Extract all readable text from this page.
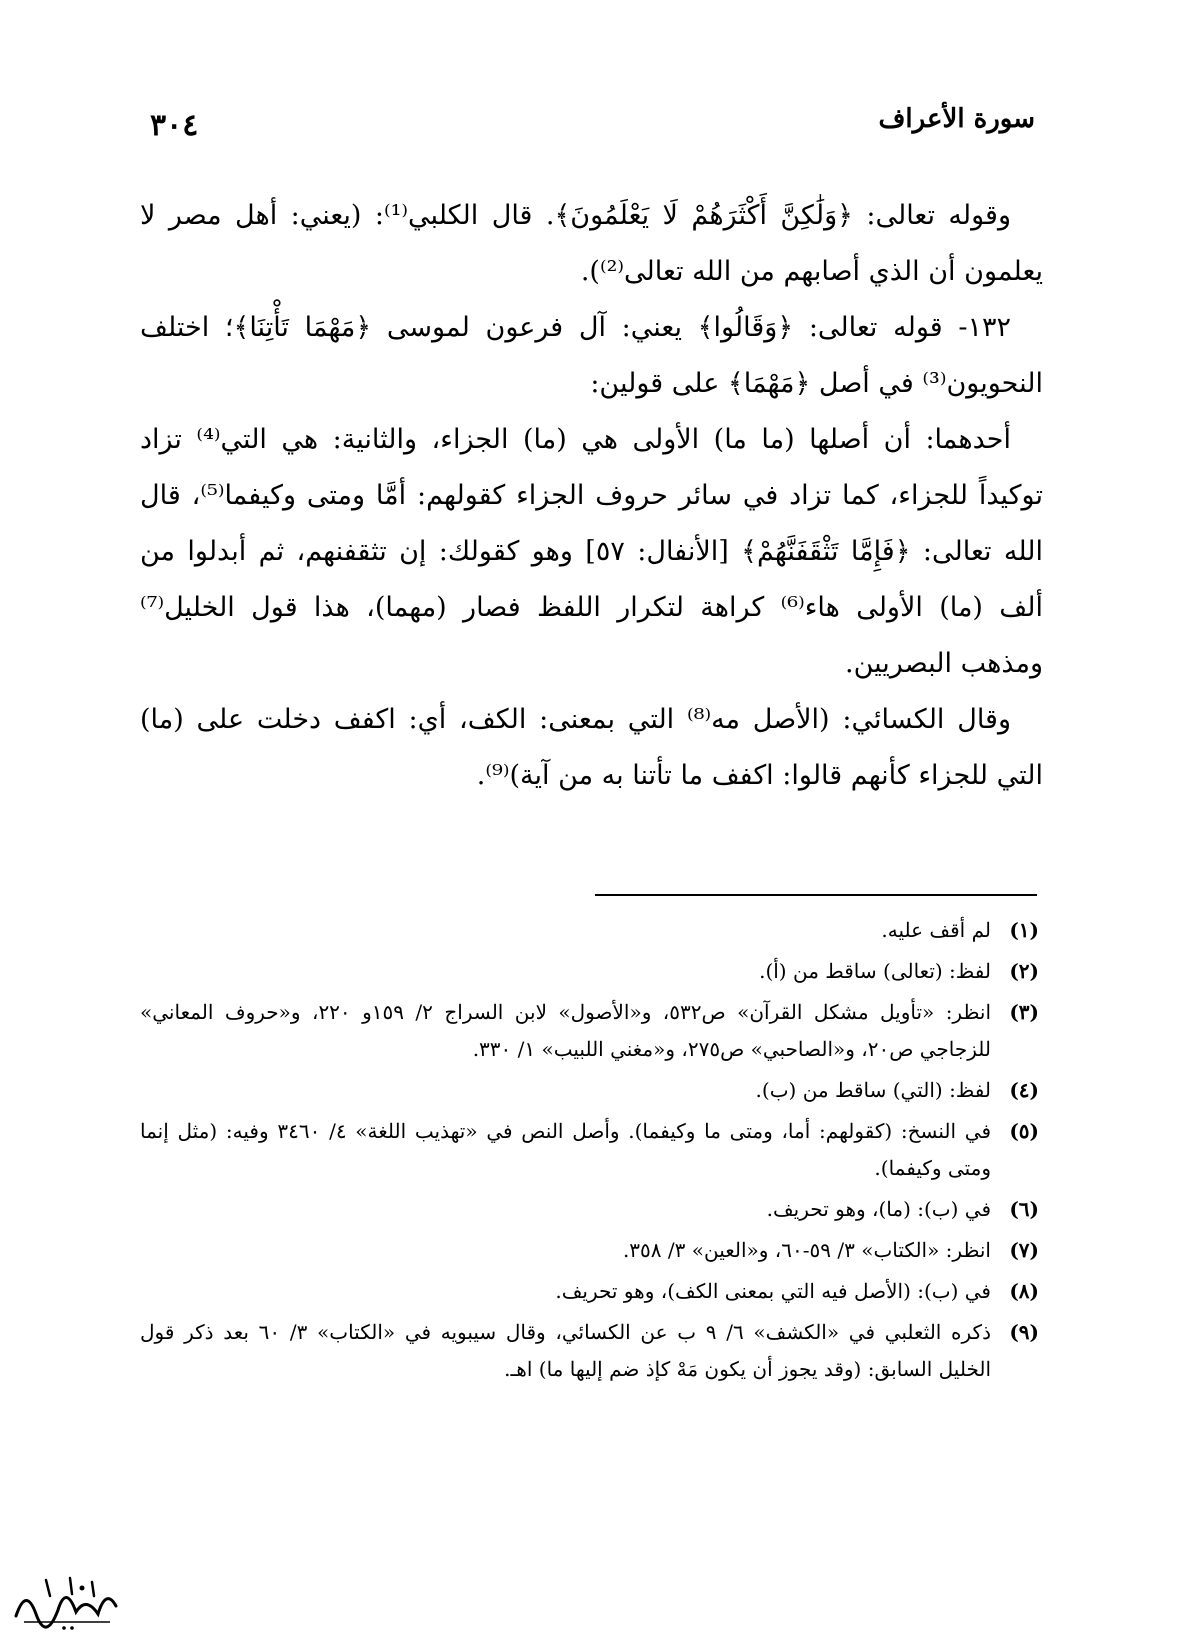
سورة الأعراف
٣٠٤

وقوله تعالى: ﴿وَلَٰكِنَّ أَكْثَرَهُمْ لَا يَعْلَمُونَ﴾. قال الكلبي⁽¹⁾: (يعني: أهل مصر لا يعلمون أن الذي أصابهم من الله تعالى⁽²⁾).

١٣٢- قوله تعالى: ﴿وَقَالُوا﴾ يعني: آل فرعون لموسى ﴿مَهْمَا تَأْتِنَا﴾؛ اختلف النحويون⁽³⁾ في أصل ﴿مَهْمَا﴾ على قولين:

أحدهما: أن أصلها (ما ما) الأولى هي (ما) الجزاء، والثانية: هي التي⁽⁴⁾ تزاد توكيداً للجزاء، كما تزاد في سائر حروف الجزاء كقولهم: أمَّا ومتى وكيفما⁽⁵⁾، قال الله تعالى: ﴿فَإِمَّا تَثْقَفَنَّهُمْ﴾ [الأنفال: ٥٧] وهو كقولك: إن تثقفنهم، ثم أبدلوا من ألف (ما) الأولى هاء⁽⁶⁾ كراهة لتكرار اللفظ فصار (مهما)، هذا قول الخليل⁽⁷⁾ ومذهب البصريين.

وقال الكسائي: (الأصل مه⁽⁸⁾ التي بمعنى: الكف، أي: اكفف دخلت على (ما) التي للجزاء كأنهم قالوا: اكفف ما تأتنا به من آية)⁽⁹⁾.

(١)
لم أقف عليه.
(٢)
لفظ: (تعالى) ساقط من (أ).
(٣)
انظر: «تأويل مشكل القرآن» ص٥٣٢، و«الأصول» لابن السراج ٢/ ١٥٩و ٢٢٠، و«حروف المعاني» للزجاجي ص٢٠، و«الصاحبي» ص٢٧٥، و«مغني اللبيب» ١/ ٣٣٠.
(٤)
لفظ: (التي) ساقط من (ب).
(٥)
في النسخ: (كقولهم: أما، ومتى ما وكيفما). وأصل النص في «تهذيب اللغة» ٤/ ٣٤٦٠ وفيه: (مثل إنما ومتى وكيفما).
(٦)
في (ب): (ما)، وهو تحريف.
(٧)
انظر: «الكتاب» ٣/ ٥٩-٦٠، و«العين» ٣/ ٣٥٨.
(٨)
في (ب): (الأصل فيه التي بمعنى الكف)، وهو تحريف.
(٩)
ذكره الثعلبي في «الكشف» ٦/ ٩ ب عن الكسائي، وقال سيبويه في «الكتاب» ٣/ ٦٠ بعد ذكر قول الخليل السابق: (وقد يجوز أن يكون مَهْ كإذ ضم إليها ما) اهـ.
